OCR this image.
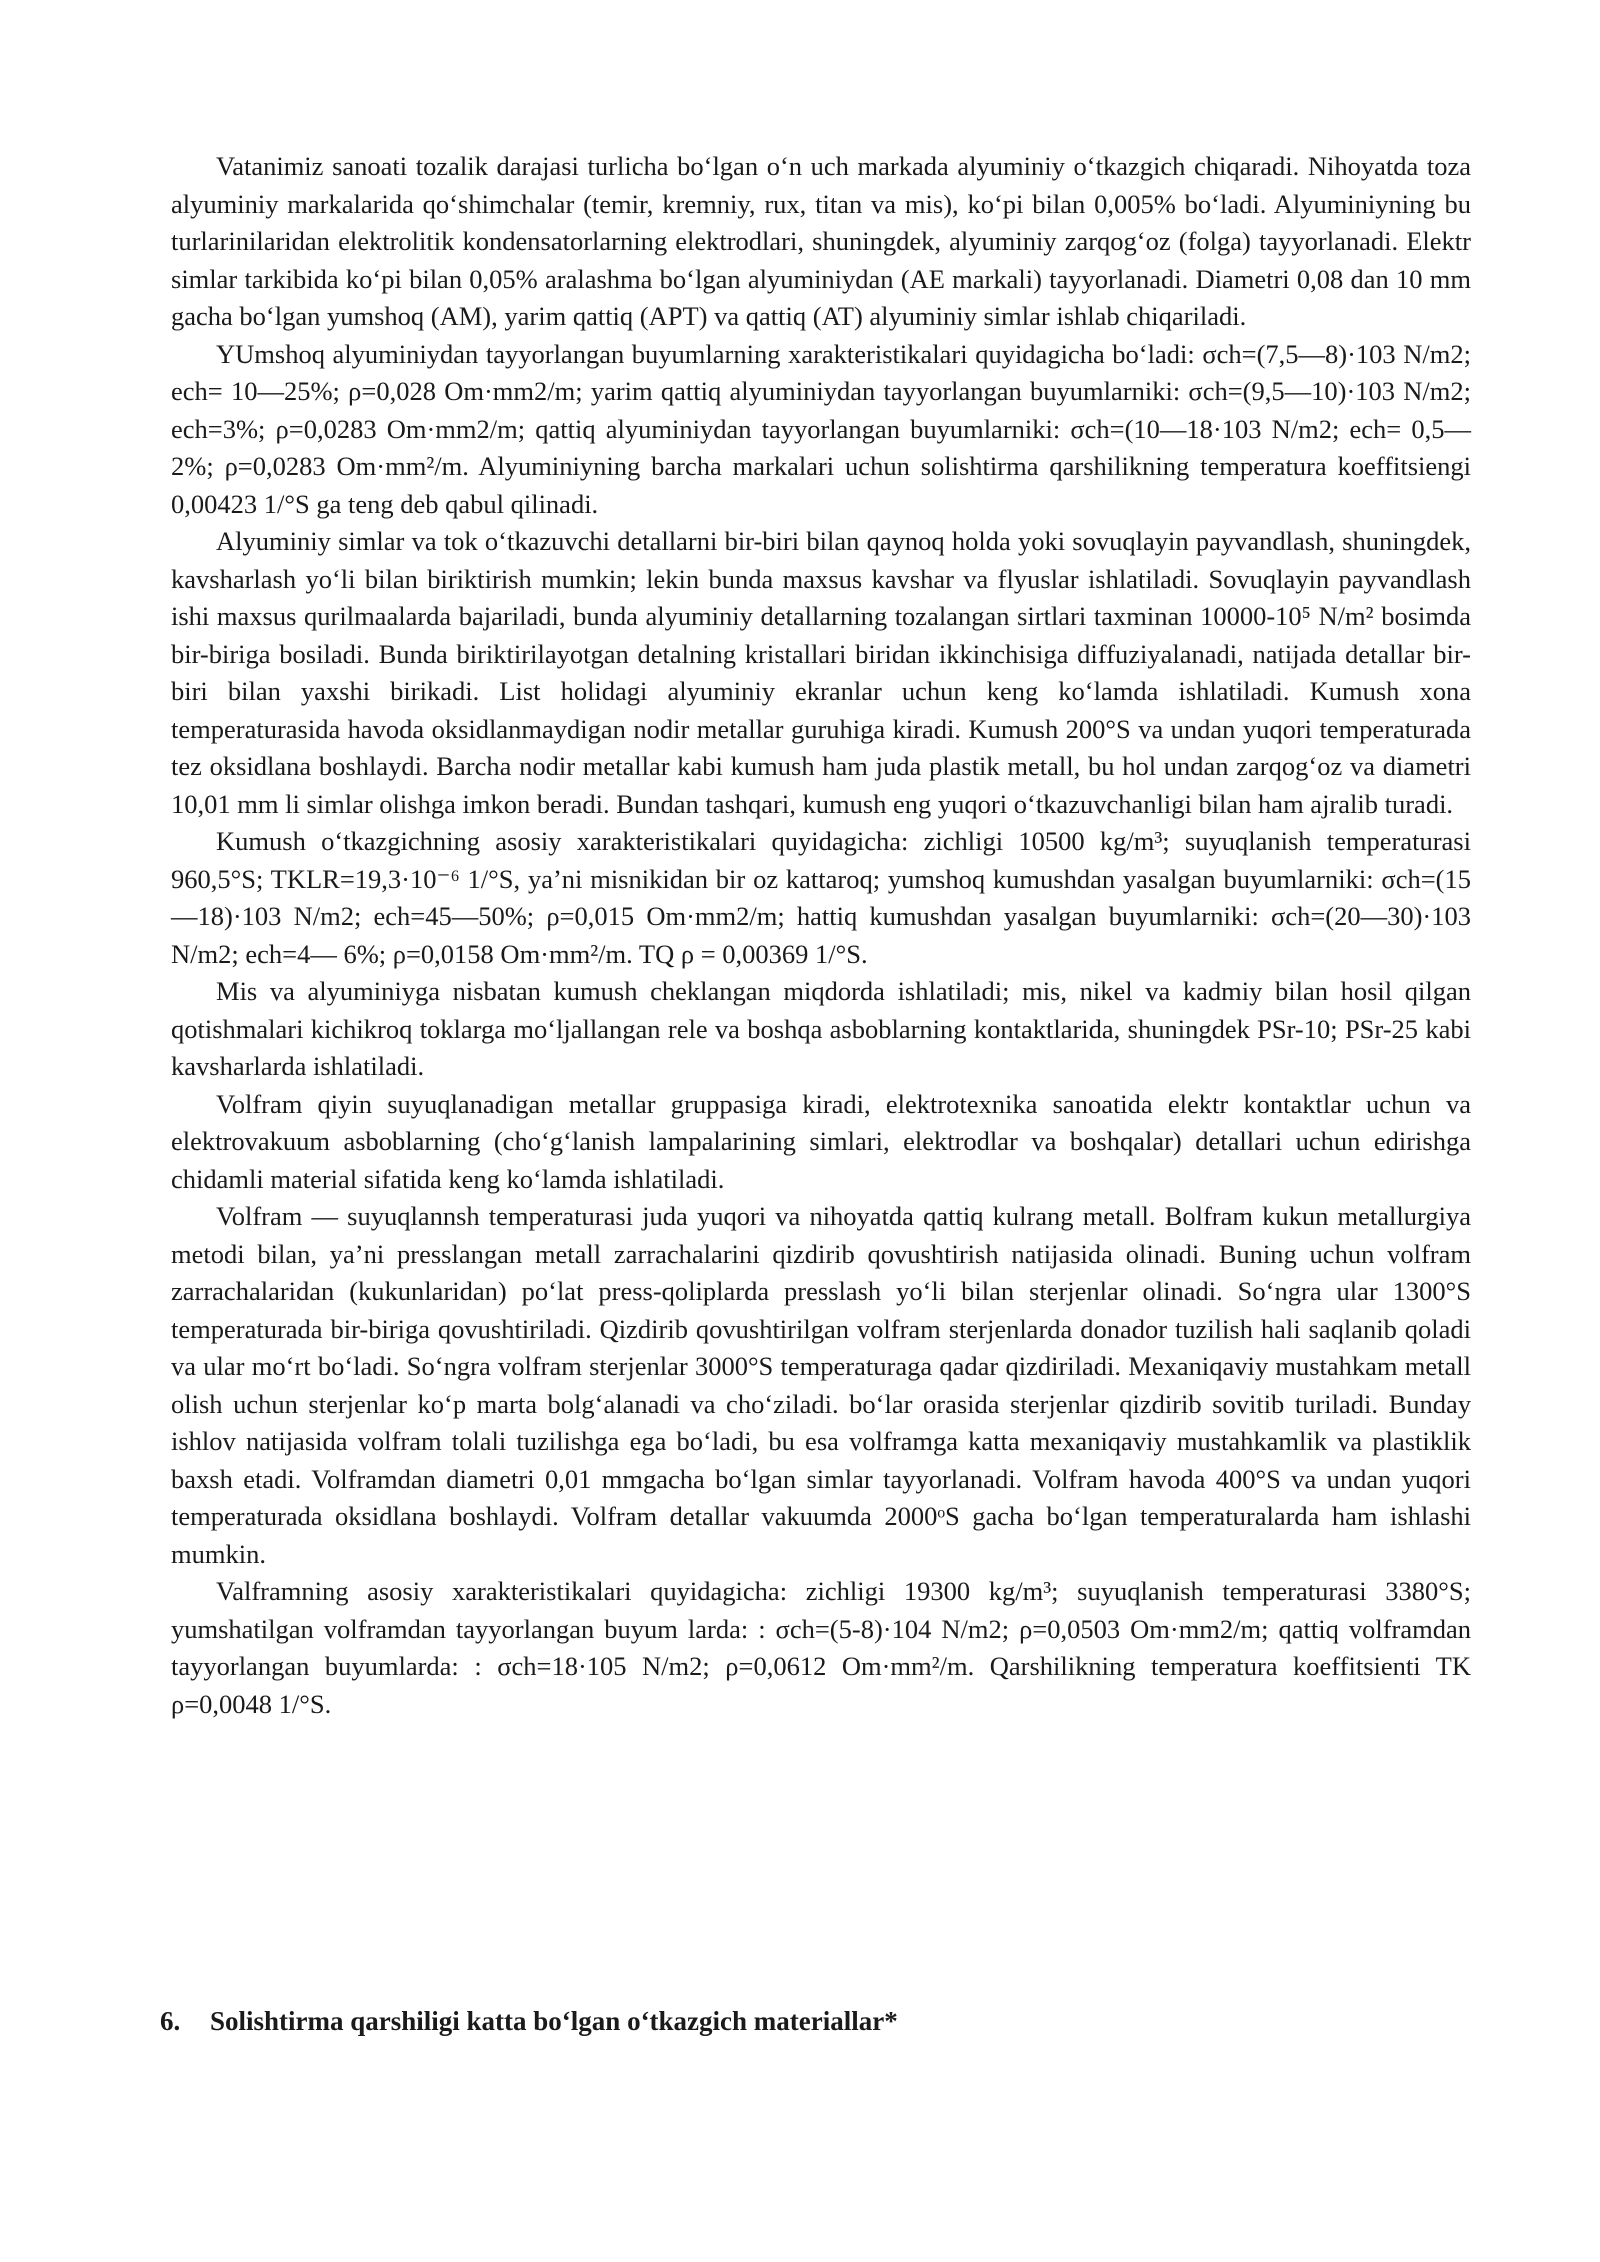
Vatanimiz sanoati tozalik darajasi turlicha bo‘lgan o‘n uch markada alyuminiy o‘tkazgich chiqaradi. Nihoyatda toza alyuminiy markalarida qo‘shimchalar (temir, kremniy, rux, titan va mis), ko‘pi bilan 0,005% bo‘ladi. Alyuminiyning bu turlarinilaridan elektrolitik kondensatorlarning elektrodlari, shuningdek, alyuminiy zarqog‘oz (folga) tayyorlanadi. Elektr simlar tarkibida ko‘pi bilan 0,05% aralashma bo‘lgan alyuminiydan (AE markali) tayyorlanadi. Diametri 0,08 dan 10 mm gacha bo‘lgan yumshoq (AM), yarim qattiq (APT) va qattiq (AT) alyuminiy simlar ishlab chiqariladi.

YUmshoq alyuminiydan tayyorlangan buyumlarning xarakteristikalari quyidagicha bo‘ladi: σch=(7,5—8)·103 N/m2; ech= 10—25%; ρ=0,028 Om·mm2/m; yarim qattiq alyuminiydan tayyorlangan buyumlarniki: σch=(9,5—10)·103 N/m2; ech=3%; ρ=0,0283 Om·mm2/m; qattiq alyuminiydan tayyorlangan buyumlarniki: σch=(10—18·103 N/m2; ech= 0,5— 2%; ρ=0,0283 Om·mm²/m. Alyuminiyning barcha markalari uchun solishtirma qarshilikning temperatura koeffitsiengi 0,00423 1/°S ga teng deb qabul qilinadi.

Alyuminiy simlar va tok o‘tkazuvchi detallarni bir-biri bilan qaynoq holda yoki sovuqlayin payvandlash, shuningdek, kavsharlash yo‘li bilan biriktirish mumkin; lekin bunda maxsus kavshar va flyuslar ishlatiladi. Sovuqlayin payvandlash ishi maxsus qurilmaalarda bajariladi, bunda alyuminiy detallarning tozalangan sirtlari taxminan 10000-10⁵ N/m² bosimda bir-biriga bosiladi. Bunda biriktirilayotgan detalning kristallari biridan ikkinchisiga diffuziyalanadi, natijada detallar bir- biri bilan yaxshi birikadi. List holidagi alyuminiy ekranlar uchun keng ko‘lamda ishlatiladi. Kumush xona temperaturasida havoda oksidlanmaydigan nodir metallar guruhiga kiradi. Kumush 200°S va undan yuqori temperaturada tez oksidlana boshlaydi. Barcha nodir metallar kabi kumush ham juda plastik metall, bu hol undan zarqog‘oz va diametri 10,01 mm li simlar olishga imkon beradi. Bundan tashqari, kumush eng yuqori o‘tkazuvchanligi bilan ham ajralib turadi.

Kumush o‘tkazgichning asosiy xarakteristikalari quyidagicha: zichligi 10500 kg/m³; suyuqlanish temperaturasi 960,5°S; TKLR=19,3·10⁻⁶ 1/°S, ya’ni misnikidan bir oz kattaroq; yumshoq kumushdan yasalgan buyumlarniki: σch=(15—18)·103 N/m2; ech=45—50%; ρ=0,015 Om·mm2/m; hattiq kumushdan yasalgan buyumlarniki: σch=(20—30)·103 N/m2; ech=4— 6%; ρ=0,0158 Om·mm²/m. TQ ρ = 0,00369 1/°S.

Mis va alyuminiyga nisbatan kumush cheklangan miqdorda ishlatiladi; mis, nikel va kadmiy bilan hosil qilgan qotishmalari kichikroq toklarga mo‘ljallangan rele va boshqa asboblarning kontaktlarida, shuningdek PSr-10; PSr-25 kabi kavsharlarda ishlatiladi.

Volfram qiyin suyuqlanadigan metallar gruppasiga kiradi, elektrotexnika sanoatida elektr kontaktlar uchun va elektrovakuum asboblarning (cho‘g‘lanish lampalarining simlari, elektrodlar va boshqalar) detallari uchun edirishga chidamli material sifatida keng ko‘lamda ishlatiladi.

Volfram — suyuqlannsh temperaturasi juda yuqori va nihoyatda qattiq kulrang metall. Bolfram kukun metallurgiya metodi bilan, ya’ni presslangan metall zarrachalarini qizdirib qovushtirish natijasida olinadi. Buning uchun volfram zarrachalaridan (kukunlaridan) po‘lat press-qoliplarda presslash yo‘li bilan sterjenlar olinadi. So‘ngra ular 1300°S temperaturada bir-biriga qovushtiriladi. Qizdirib qovushtirilgan volfram sterjenlarda donador tuzilish hali saqlanib qoladi va ular mo‘rt bo‘ladi. So‘ngra volfram sterjenlar 3000°S temperaturaga qadar qizdiriladi. Mexaniqaviy mustahkam metall olish uchun sterjenlar ko‘p marta bolg‘alanadi va cho‘ziladi. bo‘lar orasida sterjenlar qizdirib sovitib turiladi. Bunday ishlov natijasida volfram tolali tuzilishga ega bo‘ladi, bu esa volframga katta mexaniqaviy mustahkamlik va plastiklik baxsh etadi. Volframdan diametri 0,01 mmgacha bo‘lgan simlar tayyorlanadi. Volfram havoda 400°S va undan yuqori temperaturada oksidlana boshlaydi. Volfram detallar vakuumda 2000ᵒS gacha bo‘lgan temperaturalarda ham ishlashi mumkin.

Valframning asosiy xarakteristikalari quyidagicha: zichligi 19300 kg/m³; suyuqlanish temperaturasi 3380°S; yumshatilgan volframdan tayyorlangan buyum larda: : σch=(5-8)·104 N/m2; ρ=0,0503 Om·mm2/m; qattiq volframdan tayyorlangan buyumlarda: : σch=18·105 N/m2; ρ=0,0612 Om·mm²/m. Qarshilikning temperatura koeffitsienti TK ρ=0,0048 1/°S.

6. Solishtirma qarshiligi katta bo‘lgan o‘tkazgich materiallar*
